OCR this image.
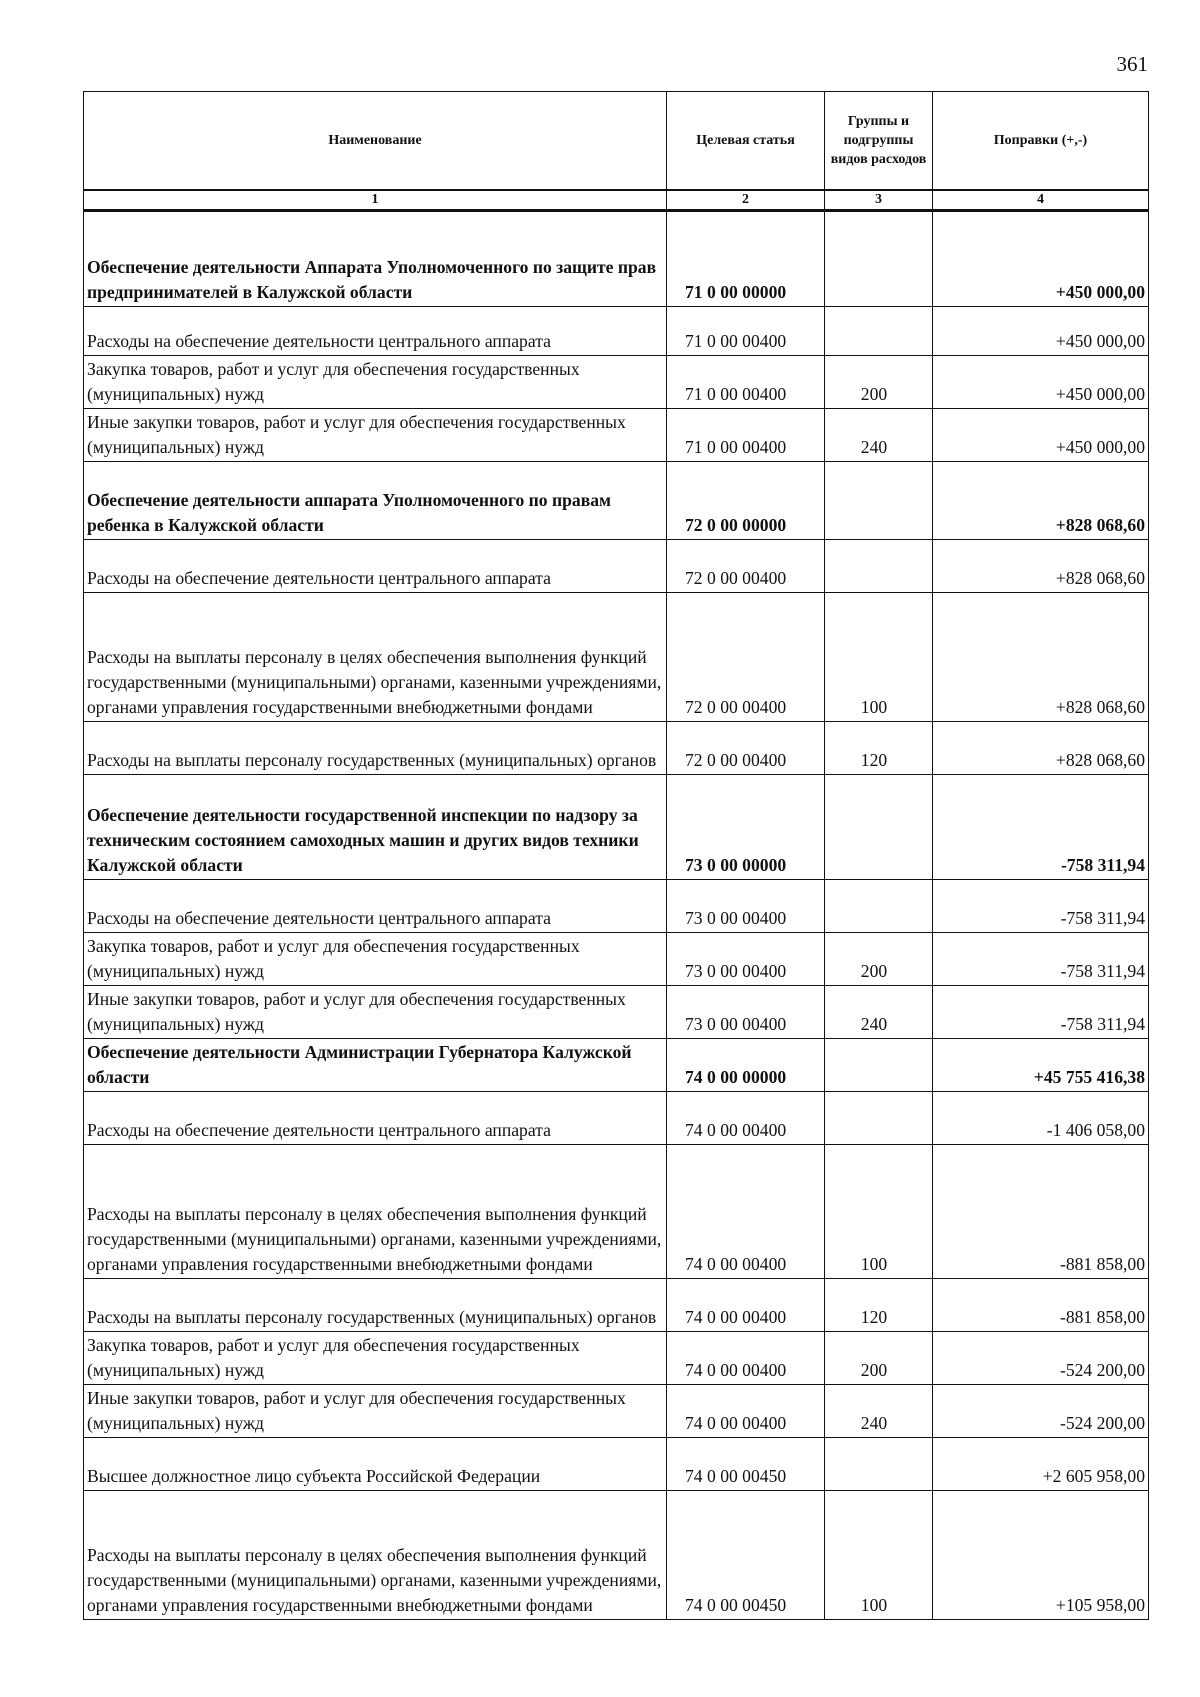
361
Наименование	Целевая статья	Группы и подгруппы видов расходов	Поправки (+,-)
1	2	3	4
Обеспечение деятельности Аппарата Уполномоченного по защите прав предпринимателей в Калужской области	71 0 00 00000		+450 000,00
Расходы на обеспечение деятельности центрального аппарата	71 0 00 00400		+450 000,00
Закупка товаров, работ и услуг для обеспечения государственных (муниципальных) нужд	71 0 00 00400	200	+450 000,00
Иные закупки товаров, работ и услуг для обеспечения государственных (муниципальных) нужд	71 0 00 00400	240	+450 000,00
Обеспечение деятельности аппарата Уполномоченного по правам ребенка в Калужской области	72 0 00 00000		+828 068,60
Расходы на обеспечение деятельности центрального аппарата	72 0 00 00400		+828 068,60
Расходы на выплаты персоналу в целях обеспечения выполнения функций государственными (муниципальными) органами, казенными учреждениями, органами управления государственными внебюджетными фондами	72 0 00 00400	100	+828 068,60
Расходы на выплаты персоналу государственных (муниципальных) органов	72 0 00 00400	120	+828 068,60
Обеспечение деятельности государственной инспекции по надзору за техническим состоянием самоходных машин и других видов техники Калужской области	73 0 00 00000		-758 311,94
Расходы на обеспечение деятельности центрального аппарата	73 0 00 00400		-758 311,94
Закупка товаров, работ и услуг для обеспечения государственных (муниципальных) нужд	73 0 00 00400	200	-758 311,94
Иные закупки товаров, работ и услуг для обеспечения государственных (муниципальных) нужд	73 0 00 00400	240	-758 311,94
Обеспечение деятельности Администрации Губернатора Калужской области	74 0 00 00000		+45 755 416,38
Расходы на обеспечение деятельности центрального аппарата	74 0 00 00400		-1 406 058,00
Расходы на выплаты персоналу в целях обеспечения выполнения функций государственными (муниципальными) органами, казенными учреждениями, органами управления государственными внебюджетными фондами	74 0 00 00400	100	-881 858,00
Расходы на выплаты персоналу государственных (муниципальных) органов	74 0 00 00400	120	-881 858,00
Закупка товаров, работ и услуг для обеспечения государственных (муниципальных) нужд	74 0 00 00400	200	-524 200,00
Иные закупки товаров, работ и услуг для обеспечения государственных (муниципальных) нужд	74 0 00 00400	240	-524 200,00
Высшее должностное лицо субъекта Российской Федерации	74 0 00 00450		+2 605 958,00
Расходы на выплаты персоналу в целях обеспечения выполнения функций государственными (муниципальными) органами, казенными учреждениями, органами управления государственными внебюджетными фондами	74 0 00 00450	100	+105 958,00
